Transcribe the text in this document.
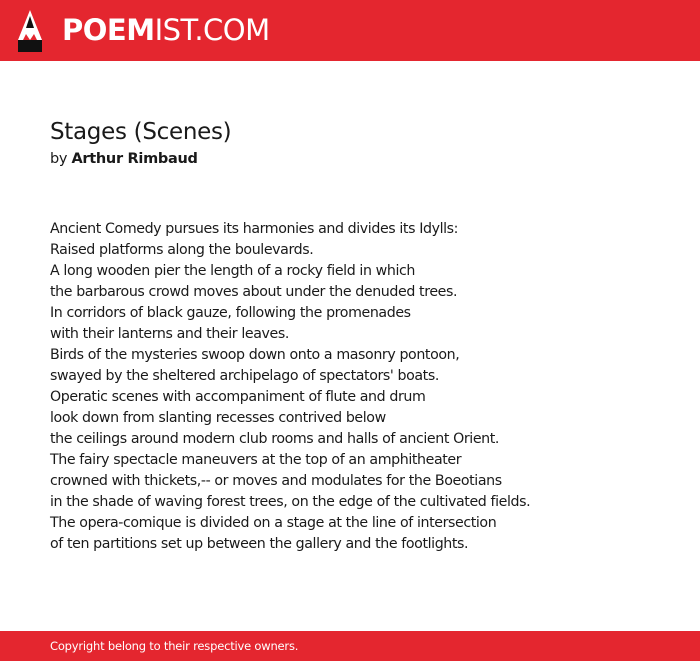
POEMIST.COM
Stages (Scenes)
by Arthur Rimbaud
Ancient Comedy pursues its harmonies and divides its Idylls:
Raised platforms along the boulevards.
A long wooden pier the length of a rocky field in which
the barbarous crowd moves about under the denuded trees.
In corridors of black gauze, following the promenades
with their lanterns and their leaves.
Birds of the mysteries swoop down onto a masonry pontoon,
swayed by the sheltered archipelago of spectators' boats.
Operatic scenes with accompaniment of flute and drum
look down from slanting recesses contrived below
the ceilings around modern club rooms and halls of ancient Orient.
The fairy spectacle maneuvers at the top of an amphitheater
crowned with thickets,-- or moves and modulates for the Boeotians
in the shade of waving forest trees, on the edge of the cultivated fields.
The opera-comique is divided on a stage at the line of intersection
of ten partitions set up between the gallery and the footlights.
Copyright belong to their respective owners.
